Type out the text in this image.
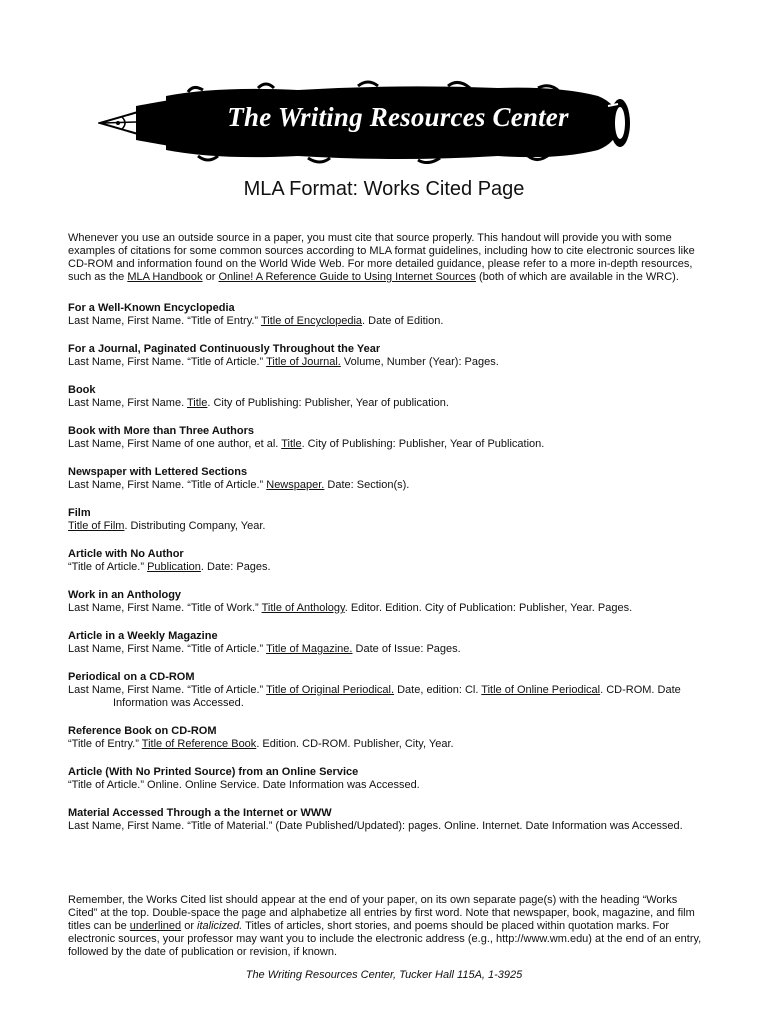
The Writing Resources Center
MLA Format: Works Cited Page

Whenever you use an outside source in a paper, you must cite that source properly. This handout will provide you with some examples of citations for some common sources according to MLA format guidelines, including how to cite electronic sources like CD-ROM and information found on the World Wide Web. For more detailed guidance, please refer to a more in-depth resources, such as the MLA Handbook or Online! A Reference Guide to Using Internet Sources (both of which are available in the WRC).

For a Well-Known Encyclopedia

Last Name, First Name. “Title of Entry.” Title of Encyclopedia. Date of Edition.

For a Journal, Paginated Continuously Throughout the Year

Last Name, First Name. “Title of Article.” Title of Journal. Volume, Number (Year): Pages.

Book

Last Name, First Name. Title. City of Publishing: Publisher, Year of publication.

Book with More than Three Authors

Last Name, First Name of one author, et al. Title. City of Publishing: Publisher, Year of Publication.

Newspaper with Lettered Sections

Last Name, First Name. “Title of Article.” Newspaper. Date: Section(s).

Film

Title of Film. Distributing Company, Year.

Article with No Author

“Title of Article.” Publication. Date: Pages.

Work in an Anthology

Last Name, First Name. “Title of Work.” Title of Anthology. Editor. Edition. City of Publication: Publisher, Year. Pages.

Article in a Weekly Magazine

Last Name, First Name. “Title of Article.” Title of Magazine. Date of Issue: Pages.

Periodical on a CD-ROM

Last Name, First Name. “Title of Article.” Title of Original Periodical. Date, edition: Cl. Title of Online Periodical. CD-ROM. Date Information was Accessed.

Reference Book on CD-ROM

“Title of Entry.” Title of Reference Book. Edition. CD-ROM. Publisher, City, Year.

Article (With No Printed Source) from an Online Service

“Title of Article.” Online. Online Service. Date Information was Accessed.

Material Accessed Through a the Internet or WWW

Last Name, First Name. “Title of Material.” (Date Published/Updated): pages. Online. Internet. Date Information was Accessed.

Remember, the Works Cited list should appear at the end of your paper, on its own separate page(s) with the heading “Works Cited” at the top. Double-space the page and alphabetize all entries by first word. Note that newspaper, book, magazine, and film titles can be underlined or italicized. Titles of articles, short stories, and poems should be placed within quotation marks. For electronic sources, your professor may want you to include the electronic address (e.g., http://www.wm.edu) at the end of an entry, followed by the date of publication or revision, if known.

The Writing Resources Center, Tucker Hall 115A, 1-3925
